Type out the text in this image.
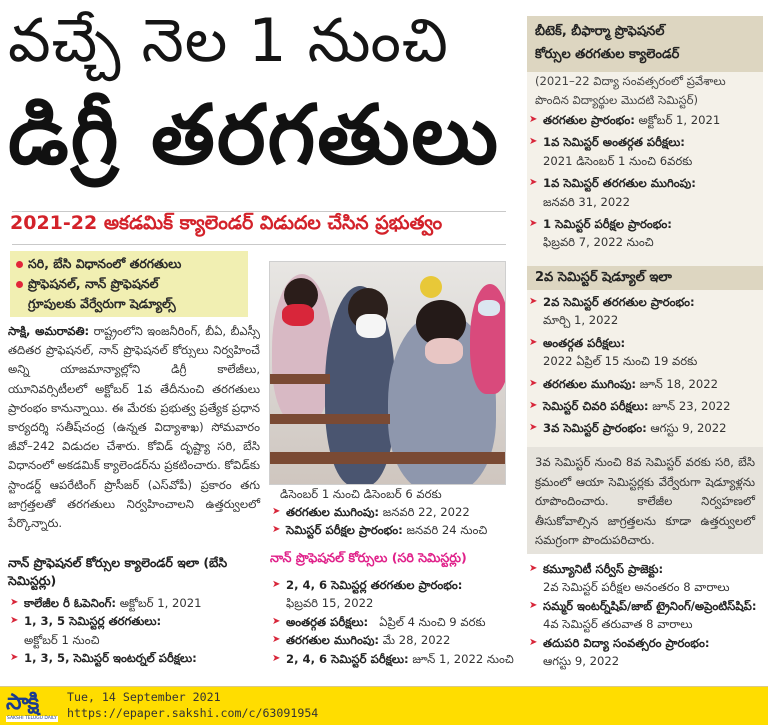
వచ్చే నెల 1 నుంచి
డిగ్రీ తరగతులు
2021-22 అకడమిక్ క్యాలెండర్ విడుదల చేసిన ప్రభుత్వం
సరి, బేసి విధానంలో తరగతులు
ప్రొఫెషనల్, నాన్ ప్రొఫెషనల్
గ్రూపులకు వేర్వేరుగా షెడ్యూల్స్
సాక్షి, అమరావతి: రాష్ట్రంలోని ఇంజనీరింగ్, బీఏ, బీఎస్సీ తదితర ప్రొఫెషనల్, నాన్ ప్రొఫెషనల్ కోర్సులు నిర్వహించే అన్ని యాజమాన్యాల్లోని డిగ్రీ కాలేజీలు, యూనివర్సిటీలలో అక్టోబర్ 1వ తేదీనుంచి తరగతులు ప్రారంభం కానున్నాయి. ఈ మేరకు ప్రభుత్వ ప్రత్యేక ప్రధాన కార్యదర్శి సతీష్‌చంద్ర (ఉన్నత విద్యాశాఖ) సోమవారం జీవో–242 విడుదల చేశారు. కోవిడ్ దృష్ట్యా సరి, బేసి విధానంలో అకడమిక్ క్యాలెండర్‌ను ప్రకటించారు. కోవిడ్‌కు స్టాండర్డ్ ఆపరేటింగ్ ప్రొసీజర్ (ఎస్‌వోపీ) ప్రకారం తగు జాగ్రత్తలతో తరగతులు నిర్వహించాలని ఉత్తర్వులలో పేర్కొన్నారు.
నాన్ ప్రొఫెషనల్ కోర్సుల క్యాలెండర్ ఇలా (బేసి సెమిస్టర్లు)
➤ కాలేజీల రీ ఓపెనింగ్: అక్టోబర్ 1, 2021
➤ 1, 3, 5 సెమిస్టర్ల తరగతులు:
అక్టోబర్ 1 నుంచి
➤ 1, 3, 5, సెమిస్టర్ ఇంటర్నల్ పరీక్షలు:
డిసెంబర్ 1 నుంచి డిసెంబర్ 6 వరకు
➤ తరగతుల ముగింపు: జనవరి 22, 2022
➤ సెమిస్టర్ పరీక్షల ప్రారంభం: జనవరి 24 నుంచి
నాన్ ప్రొఫెషనల్ కోర్సులు (సరి సెమిస్టర్లు)
➤ 2, 4, 6 సెమిస్టర్ల తరగతుల ప్రారంభం:
ఫిబ్రవరి 15, 2022
➤ అంతర్గత పరీక్షలు: ఏప్రిల్ 4 నుంచి 9 వరకు
➤ తరగతుల ముగింపు: మే 28, 2022
➤ 2, 4, 6 సెమిస్టర్ పరీక్షలు: జూన్ 1, 2022 నుంచి
బీటెక్, బీఫార్మా ప్రొఫెషనల్
కోర్సుల తరగతుల క్యాలెండర్
(2021–22 విద్యా సంవత్సరంలో ప్రవేశాలు పొందిన విద్యార్థుల మొదటి సెమిస్టర్)
➤ తరగతుల ప్రారంభం: అక్టోబర్ 1, 2021
➤ 1వ సెమిస్టర్ అంతర్గత పరీక్షలు:
2021 డిసెంబర్ 1 నుంచి 6వరకు
➤ 1వ సెమిస్టర్ తరగతుల ముగింపు:
జనవరి 31, 2022
➤ 1 సెమిస్టర్ పరీక్షల ప్రారంభం:
ఫిబ్రవరి 7, 2022 నుంచి
2వ సెమిస్టర్ షెడ్యూల్ ఇలా
➤ 2వ సెమిస్టర్ తరగతుల ప్రారంభం:
మార్చి 1, 2022
➤ అంతర్గత పరీక్షలు:
2022 ఏప్రిల్ 15 నుంచి 19 వరకు
➤ తరగతుల ముగింపు: జూన్ 18, 2022
➤ సెమిస్టర్ చివరి పరీక్షలు: జూన్ 23, 2022
➤ 3వ సెమిస్టర్ ప్రారంభం: ఆగస్టు 9, 2022
3వ సెమిస్టర్ నుంచి 8వ సెమిస్టర్ వరకు సరి, బేసి క్రమంలో ఆయా సెమిస్టర్లకు వేర్వేరుగా షెడ్యూళ్లను రూపొందించారు. కాలేజీల నిర్వహణలో తీసుకోవాల్సిన జాగ్రత్తలను కూడా ఉత్తర్వులలో సమగ్రంగా పొందుపరిచారు.
➤ కమ్యూనిటీ సర్వీస్ ప్రాజెక్టు:
2వ సెమిస్టర్ పరీక్షల అనంతరం 8 వారాలు
➤ సమ్మర్ ఇంటర్న్‌షిప్/జాబ్ ట్రైనింగ్/అప్రెంటిస్‌షిప్: 4వ సెమిస్టర్ తరువాత 8 వారాలు
➤ తదుపరి విద్యా సంవత్సరం ప్రారంభం:
ఆగస్టు 9, 2022
సాక్షి
SAKSHI TELUGU DAILY
Tue, 14 September 2021
https://epaper.sakshi.com/c/63091954
